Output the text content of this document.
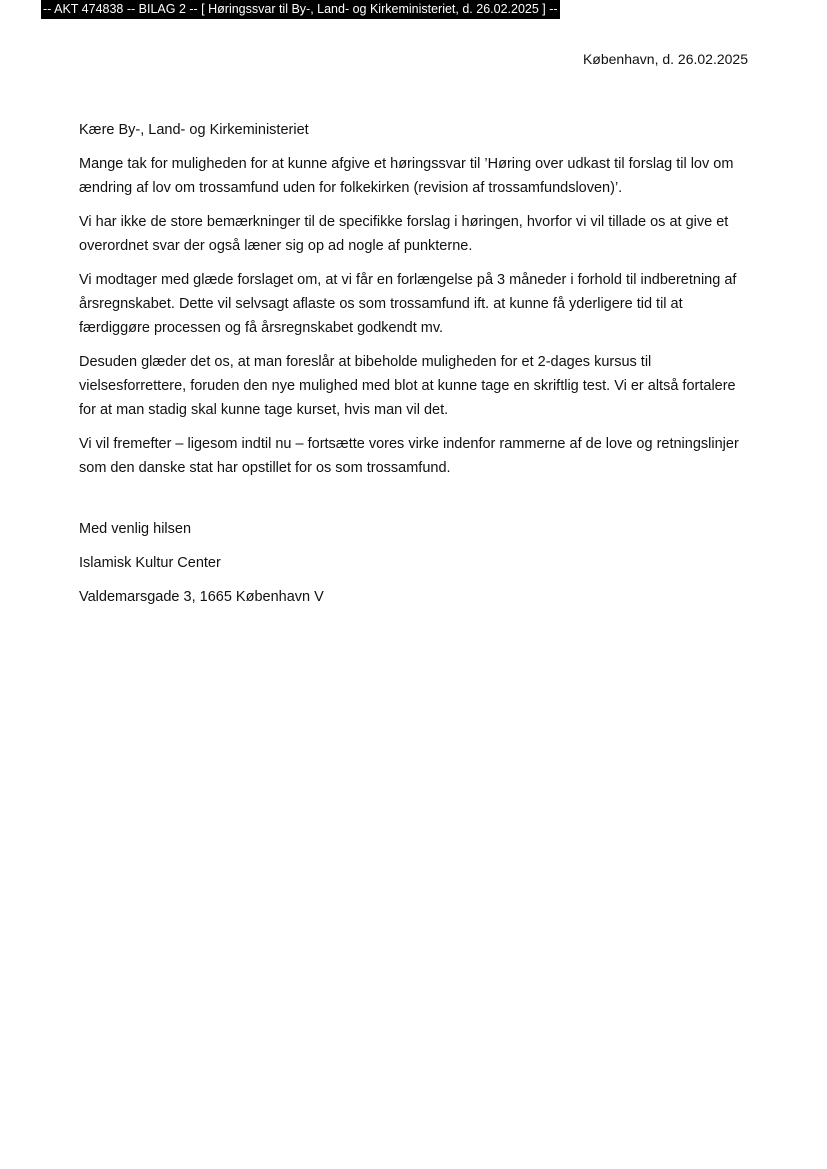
-- AKT 474838 -- BILAG 2 -- [ Høringssvar til By-, Land- og Kirkeministeriet, d. 26.02.2025 ] --
København, d. 26.02.2025

Kære By-, Land- og Kirkeministeriet

Mange tak for muligheden for at kunne afgive et høringssvar til ’Høring over udkast til forslag til lov om ændring af lov om trossamfund uden for folkekirken (revision af trossamfundsloven)’.

Vi har ikke de store bemærkninger til de specifikke forslag i høringen, hvorfor vi vil tillade os at give et overordnet svar der også læner sig op ad nogle af punkterne.

Vi modtager med glæde forslaget om, at vi får en forlængelse på 3 måneder i forhold til indberetning af årsregnskabet. Dette vil selvsagt aflaste os som trossamfund ift. at kunne få yderligere tid til at færdiggøre processen og få årsregnskabet godkendt mv.

Desuden glæder det os, at man foreslår at bibeholde muligheden for et 2-dages kursus til vielsesforrettere, foruden den nye mulighed med blot at kunne tage en skriftlig test. Vi er altså fortalere for at man stadig skal kunne tage kurset, hvis man vil det.

Vi vil fremefter – ligesom indtil nu – fortsætte vores virke indenfor rammerne af de love og retningslinjer som den danske stat har opstillet for os som trossamfund.

Med venlig hilsen

Islamisk Kultur Center

Valdemarsgade 3, 1665 København V
